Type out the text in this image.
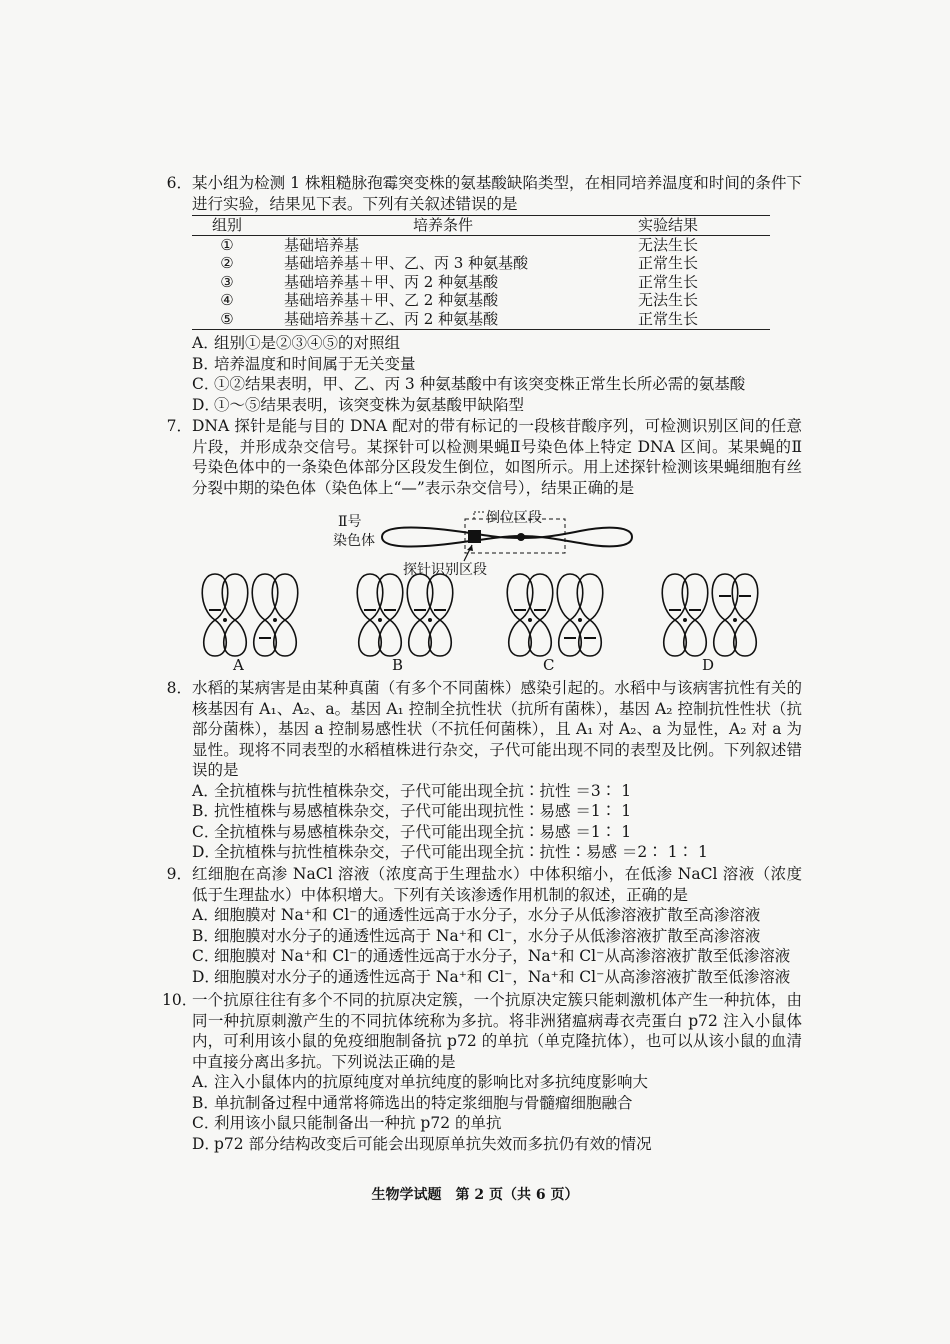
6． 某小组为检测 1 株粗糙脉孢霉突变株的氨基酸缺陷类型，在相同培养温度和时间的条件下进行实验，结果见下表。下列有关叙述错误的是
组别	培养条件	实验结果
①	基础培养基	无法生长
②	基础培养基＋甲、乙、丙 3 种氨基酸	正常生长
③	基础培养基＋甲、丙 2 种氨基酸	正常生长
④	基础培养基＋甲、乙 2 种氨基酸	无法生长
⑤	基础培养基＋乙、丙 2 种氨基酸	正常生长
A．组别①是②③④⑤的对照组
B．培养温度和时间属于无关变量
C．①②结果表明，甲、乙、丙 3 种氨基酸中有该突变株正常生长所必需的氨基酸
D．①～⑤结果表明，该突变株为氨基酸甲缺陷型
7． DNA 探针是能与目的 DNA 配对的带有标记的一段核苷酸序列，可检测识别区间的任意片段，并形成杂交信号。某探针可以检测果蝇Ⅱ号染色体上特定 DNA 区间。某果蝇的Ⅱ号染色体中的一条染色体部分区段发生倒位，如图所示。用上述探针检测该果蝇细胞有丝分裂中期的染色体（染色体上“—”表示杂交信号），结果正确的是
Ⅱ号
染色体
倒位区段
探针识别区段
A	B	C	D
8． 水稻的某病害是由某种真菌（有多个不同菌株）感染引起的。水稻中与该病害抗性有关的核基因有 A₁、A₂、a。基因 A₁ 控制全抗性状（抗所有菌株），基因 A₂ 控制抗性性状（抗部分菌株），基因 a 控制易感性状（不抗任何菌株），且 A₁ 对 A₂、a 为显性，A₂ 对 a 为显性。现将不同表型的水稻植株进行杂交，子代可能出现不同的表型及比例。下列叙述错误的是
A．全抗植株与抗性植株杂交，子代可能出现全抗∶抗性 ＝3∶ 1
B．抗性植株与易感植株杂交，子代可能出现抗性∶易感 ＝1∶ 1
C．全抗植株与易感植株杂交，子代可能出现全抗∶易感 ＝1∶ 1
D．全抗植株与抗性植株杂交，子代可能出现全抗∶抗性∶易感 ＝2∶ 1∶ 1
9． 红细胞在高渗 NaCl 溶液（浓度高于生理盐水）中体积缩小，在低渗 NaCl 溶液（浓度低于生理盐水）中体积增大。下列有关该渗透作用机制的叙述，正确的是
A．细胞膜对 Na⁺和 Cl⁻的通透性远高于水分子，水分子从低渗溶液扩散至高渗溶液
B．细胞膜对水分子的通透性远高于 Na⁺和 Cl⁻，水分子从低渗溶液扩散至高渗溶液
C．细胞膜对 Na⁺和 Cl⁻的通透性远高于水分子，Na⁺和 Cl⁻从高渗溶液扩散至低渗溶液
D．细胞膜对水分子的通透性远高于 Na⁺和 Cl⁻，Na⁺和 Cl⁻从高渗溶液扩散至低渗溶液
10．
一个抗原往往有多个不同的抗原决定簇，一个抗原决定簇只能刺激机体产生一种抗体，由同一种抗原刺激产生的不同抗体统称为多抗。将非洲猪瘟病毒衣壳蛋白 p72 注入小鼠体内，可利用该小鼠的免疫细胞制备抗 p72 的单抗（单克隆抗体），也可以从该小鼠的血清中直接分离出多抗。下列说法正确的是
A．注入小鼠体内的抗原纯度对单抗纯度的影响比对多抗纯度影响大
B．单抗制备过程中通常将筛选出的特定浆细胞与骨髓瘤细胞融合
C．利用该小鼠只能制备出一种抗 p72 的单抗
D．p72 部分结构改变后可能会出现原单抗失效而多抗仍有效的情况
生物学试题　第 2 页（共 6 页）
